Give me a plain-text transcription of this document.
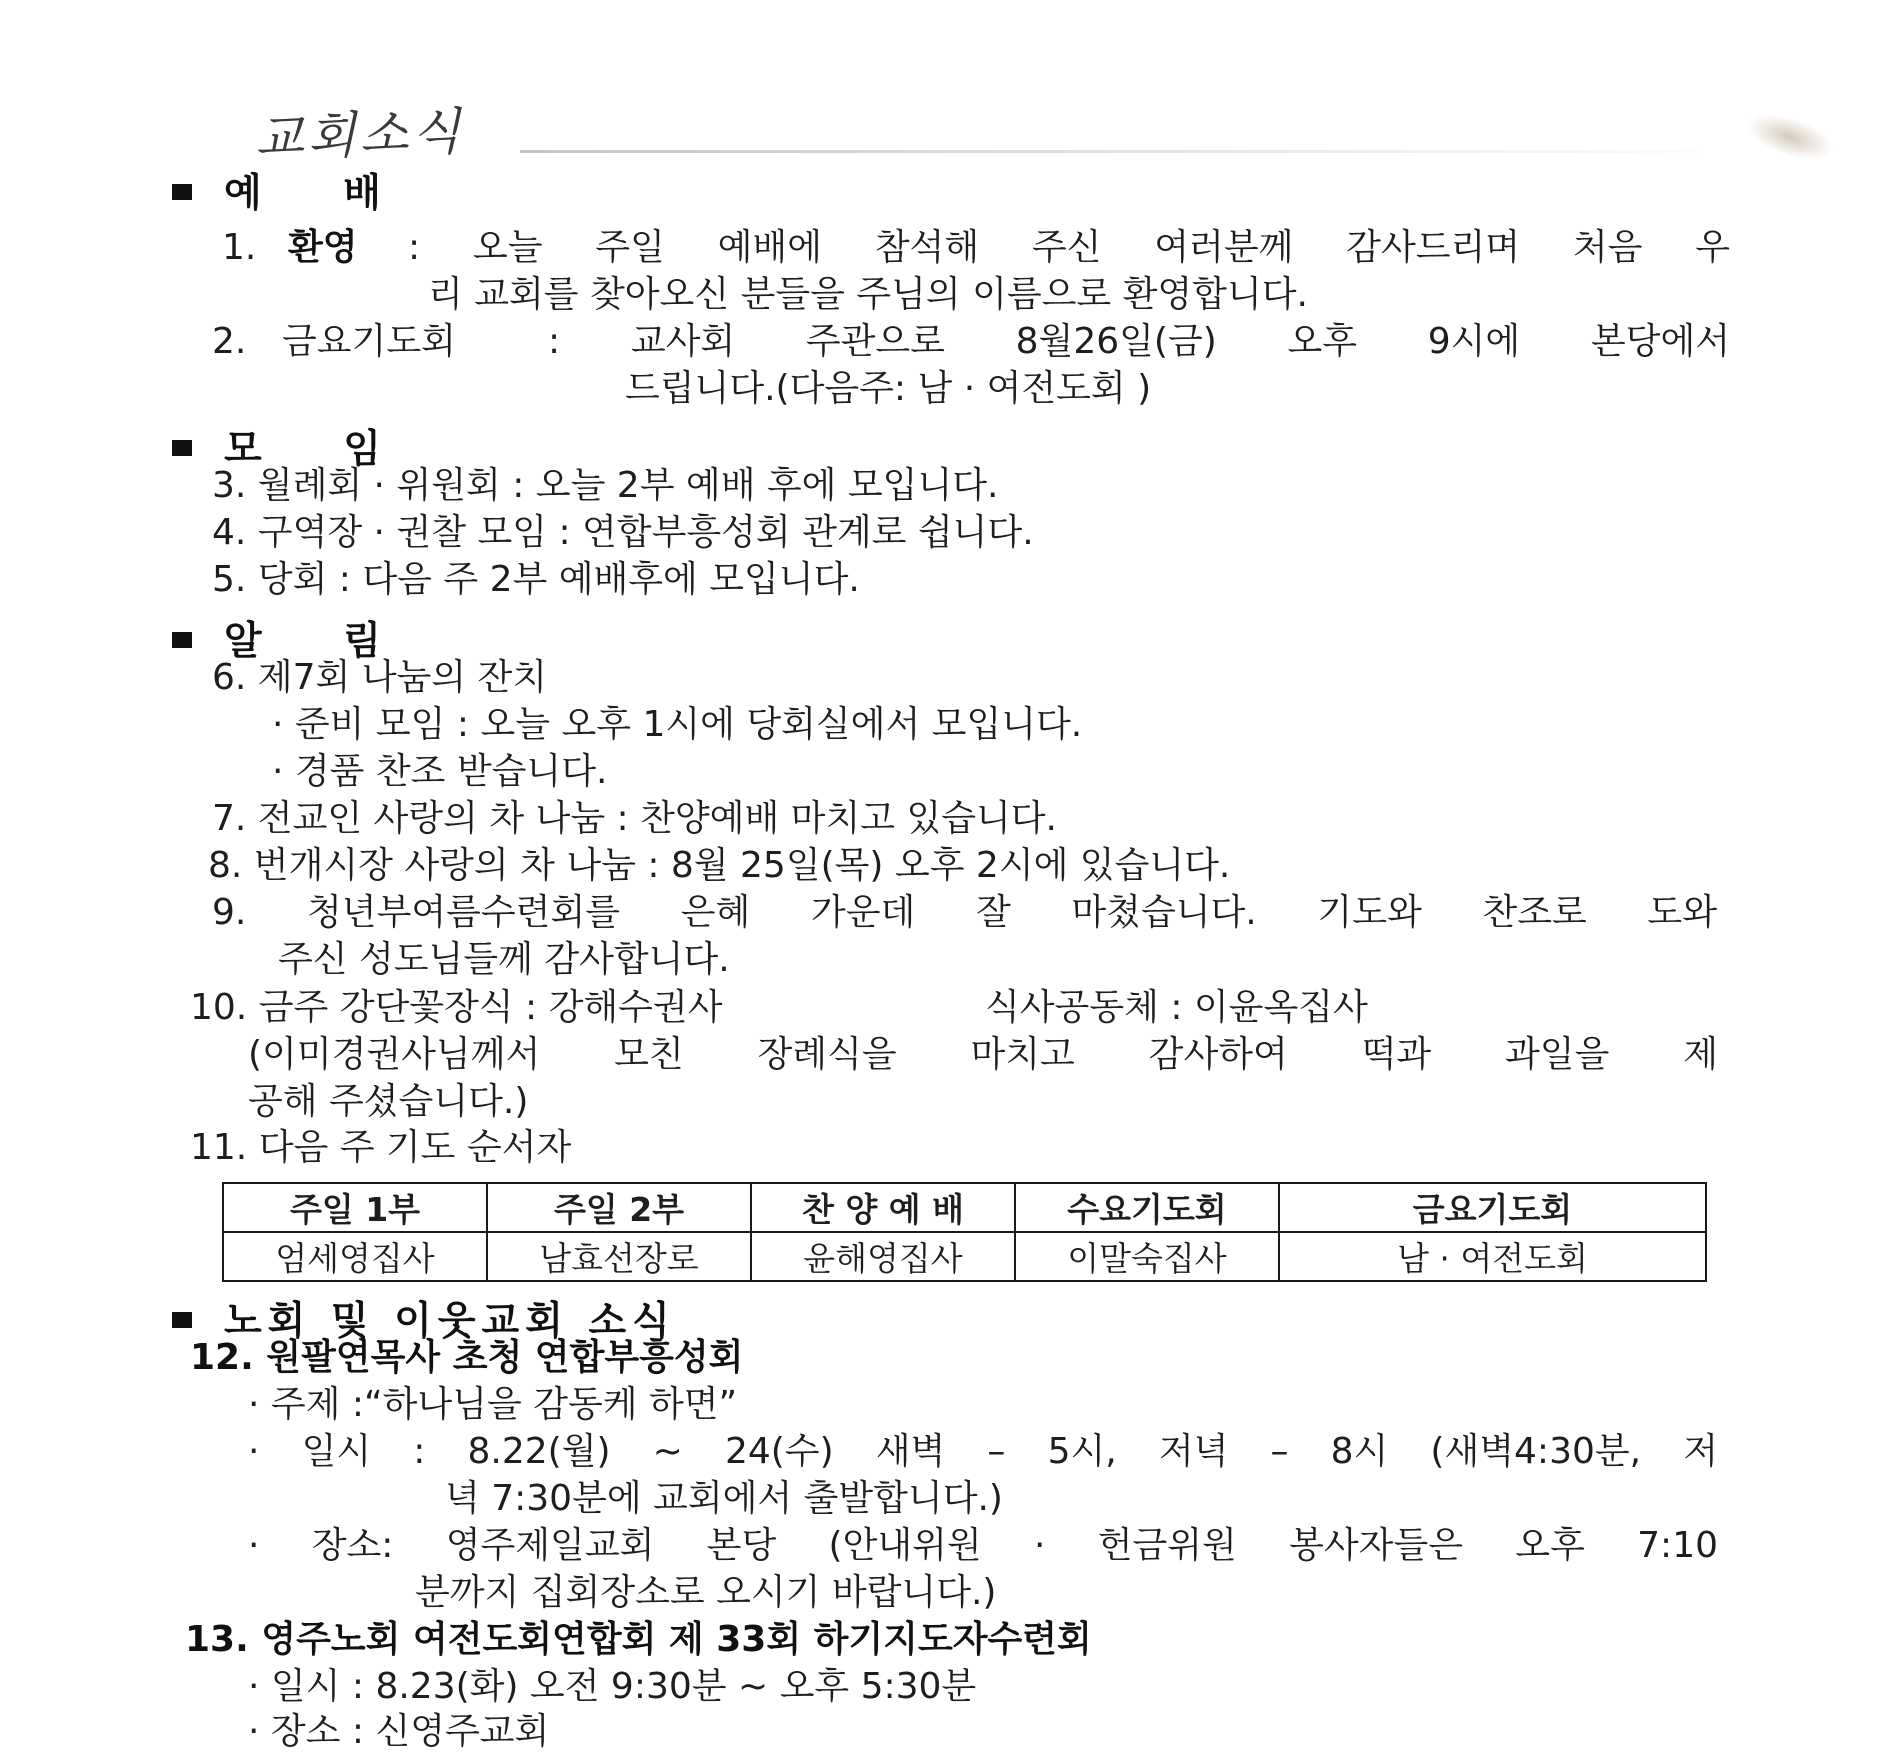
교회소식
예 배
1. 환영 : 오늘 주일 예배에 참석해 주신 여러분께 감사드리며 처음 우
리 교회를 찾아오신 분들을 주님의 이름으로 환영합니다.
2. 금요기도회	: 교사회 주관으로 8월26일(금) 오후 9시에 본당에서
드립니다.(다음주: 남 · 여전도회 )
모 임
3. 월례회 · 위원회 : 오늘 2부 예배 후에 모입니다.
4. 구역장 · 권찰 모임 : 연합부흥성회 관계로 쉽니다.
5. 당회 : 다음 주 2부 예배후에 모입니다.
알 림
6. 제7회 나눔의 잔치
· 준비 모임 : 오늘 오후 1시에 당회실에서 모입니다.
· 경품 찬조 받습니다.
7. 전교인 사랑의 차 나눔 : 찬양예배 마치고 있습니다.
8. 번개시장 사랑의 차 나눔 : 8월 25일(목) 오후 2시에 있습니다.
9. 청년부여름수련회를 은혜 가운데 잘 마쳤습니다. 기도와 찬조로 도와
주신 성도님들께 감사합니다.
10. 금주 강단꽃장식 : 강해수권사	식사공동체 : 이윤옥집사
(이미경권사님께서 모친 장례식을 마치고 감사하여 떡과 과일을 제
공해 주셨습니다.)
11. 다음 주 기도 순서자
주일 1부	주일 2부	찬 양 예 배	수요기도회	금요기도회
엄세영집사	남효선장로	윤해영집사	이말숙집사	남 · 여전도회
노회 및 이웃교회 소식
12. 원팔연목사 초청 연합부흥성회
· 주제 :“하나님을 감동케 하면”
· 일시 : 8.22(월) ~ 24(수) 새벽 – 5시, 저녁 – 8시 (새벽4:30분, 저
녁 7:30분에 교회에서 출발합니다.)
· 장소: 영주제일교회 본당 (안내위원 · 헌금위원 봉사자들은 오후 7:10
분까지 집회장소로 오시기 바랍니다.)
13. 영주노회 여전도회연합회 제 33회 하기지도자수련회
· 일시 : 8.23(화) 오전 9:30분 ~ 오후 5:30분
· 장소 : 신영주교회
